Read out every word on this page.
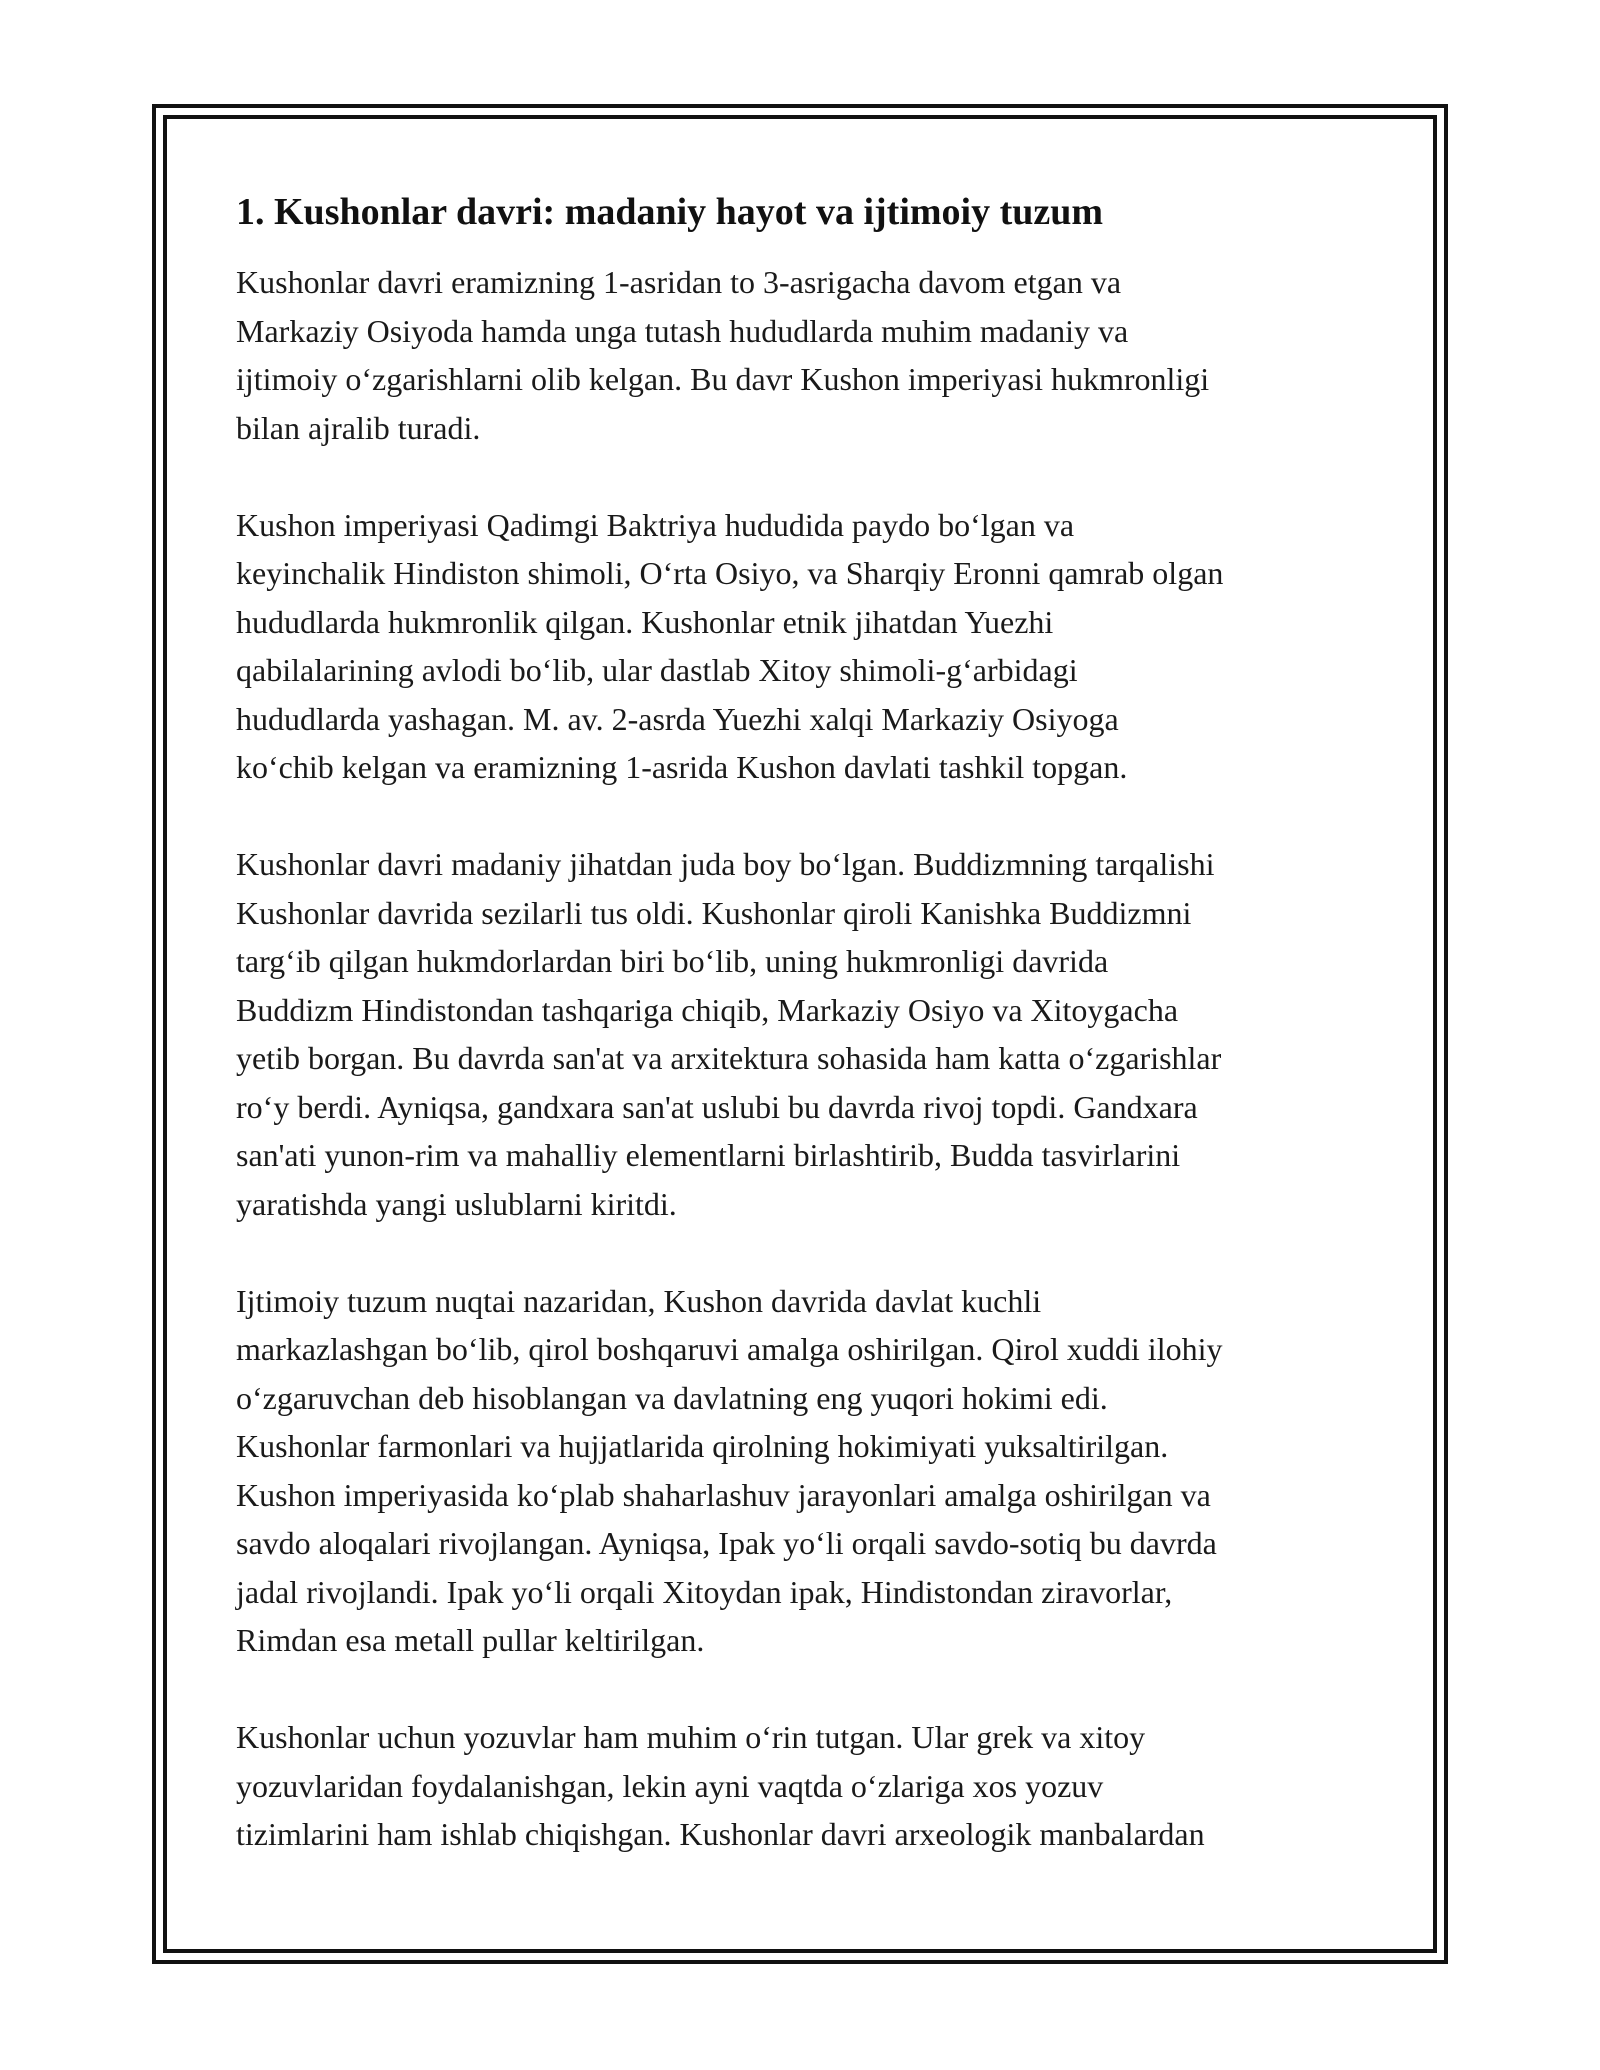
1. Kushonlar davri: madaniy hayot va ijtimoiy tuzum
Kushonlar davri eramizning 1-asridan to 3-asrigacha davom etgan va
Markaziy Osiyoda hamda unga tutash hududlarda muhim madaniy va
ijtimoiy o‘zgarishlarni olib kelgan. Bu davr Kushon imperiyasi hukmronligi
bilan ajralib turadi.
Kushon imperiyasi Qadimgi Baktriya hududida paydo bo‘lgan va
keyinchalik Hindiston shimoli, O‘rta Osiyo, va Sharqiy Eronni qamrab olgan
hududlarda hukmronlik qilgan. Kushonlar etnik jihatdan Yuezhi
qabilalarining avlodi bo‘lib, ular dastlab Xitoy shimoli-g‘arbidagi
hududlarda yashagan. M. av. 2-asrda Yuezhi xalqi Markaziy Osiyoga
ko‘chib kelgan va eramizning 1-asrida Kushon davlati tashkil topgan.
Kushonlar davri madaniy jihatdan juda boy bo‘lgan. Buddizmning tarqalishi
Kushonlar davrida sezilarli tus oldi. Kushonlar qiroli Kanishka Buddizmni
targ‘ib qilgan hukmdorlardan biri bo‘lib, uning hukmronligi davrida
Buddizm Hindistondan tashqariga chiqib, Markaziy Osiyo va Xitoygacha
yetib borgan. Bu davrda san'at va arxitektura sohasida ham katta o‘zgarishlar
ro‘y berdi. Ayniqsa, gandxara san'at uslubi bu davrda rivoj topdi. Gandxara
san'ati yunon-rim va mahalliy elementlarni birlashtirib, Budda tasvirlarini
yaratishda yangi uslublarni kiritdi.
Ijtimoiy tuzum nuqtai nazaridan, Kushon davrida davlat kuchli
markazlashgan bo‘lib, qirol boshqaruvi amalga oshirilgan. Qirol xuddi ilohiy
o‘zgaruvchan deb hisoblangan va davlatning eng yuqori hokimi edi.
Kushonlar farmonlari va hujjatlarida qirolning hokimiyati yuksaltirilgan.
Kushon imperiyasida ko‘plab shaharlashuv jarayonlari amalga oshirilgan va
savdo aloqalari rivojlangan. Ayniqsa, Ipak yo‘li orqali savdo-sotiq bu davrda
jadal rivojlandi. Ipak yo‘li orqali Xitoydan ipak, Hindistondan ziravorlar,
Rimdan esa metall pullar keltirilgan.
Kushonlar uchun yozuvlar ham muhim o‘rin tutgan. Ular grek va xitoy
yozuvlaridan foydalanishgan, lekin ayni vaqtda o‘zlariga xos yozuv
tizimlarini ham ishlab chiqishgan. Kushonlar davri arxeologik manbalardan
